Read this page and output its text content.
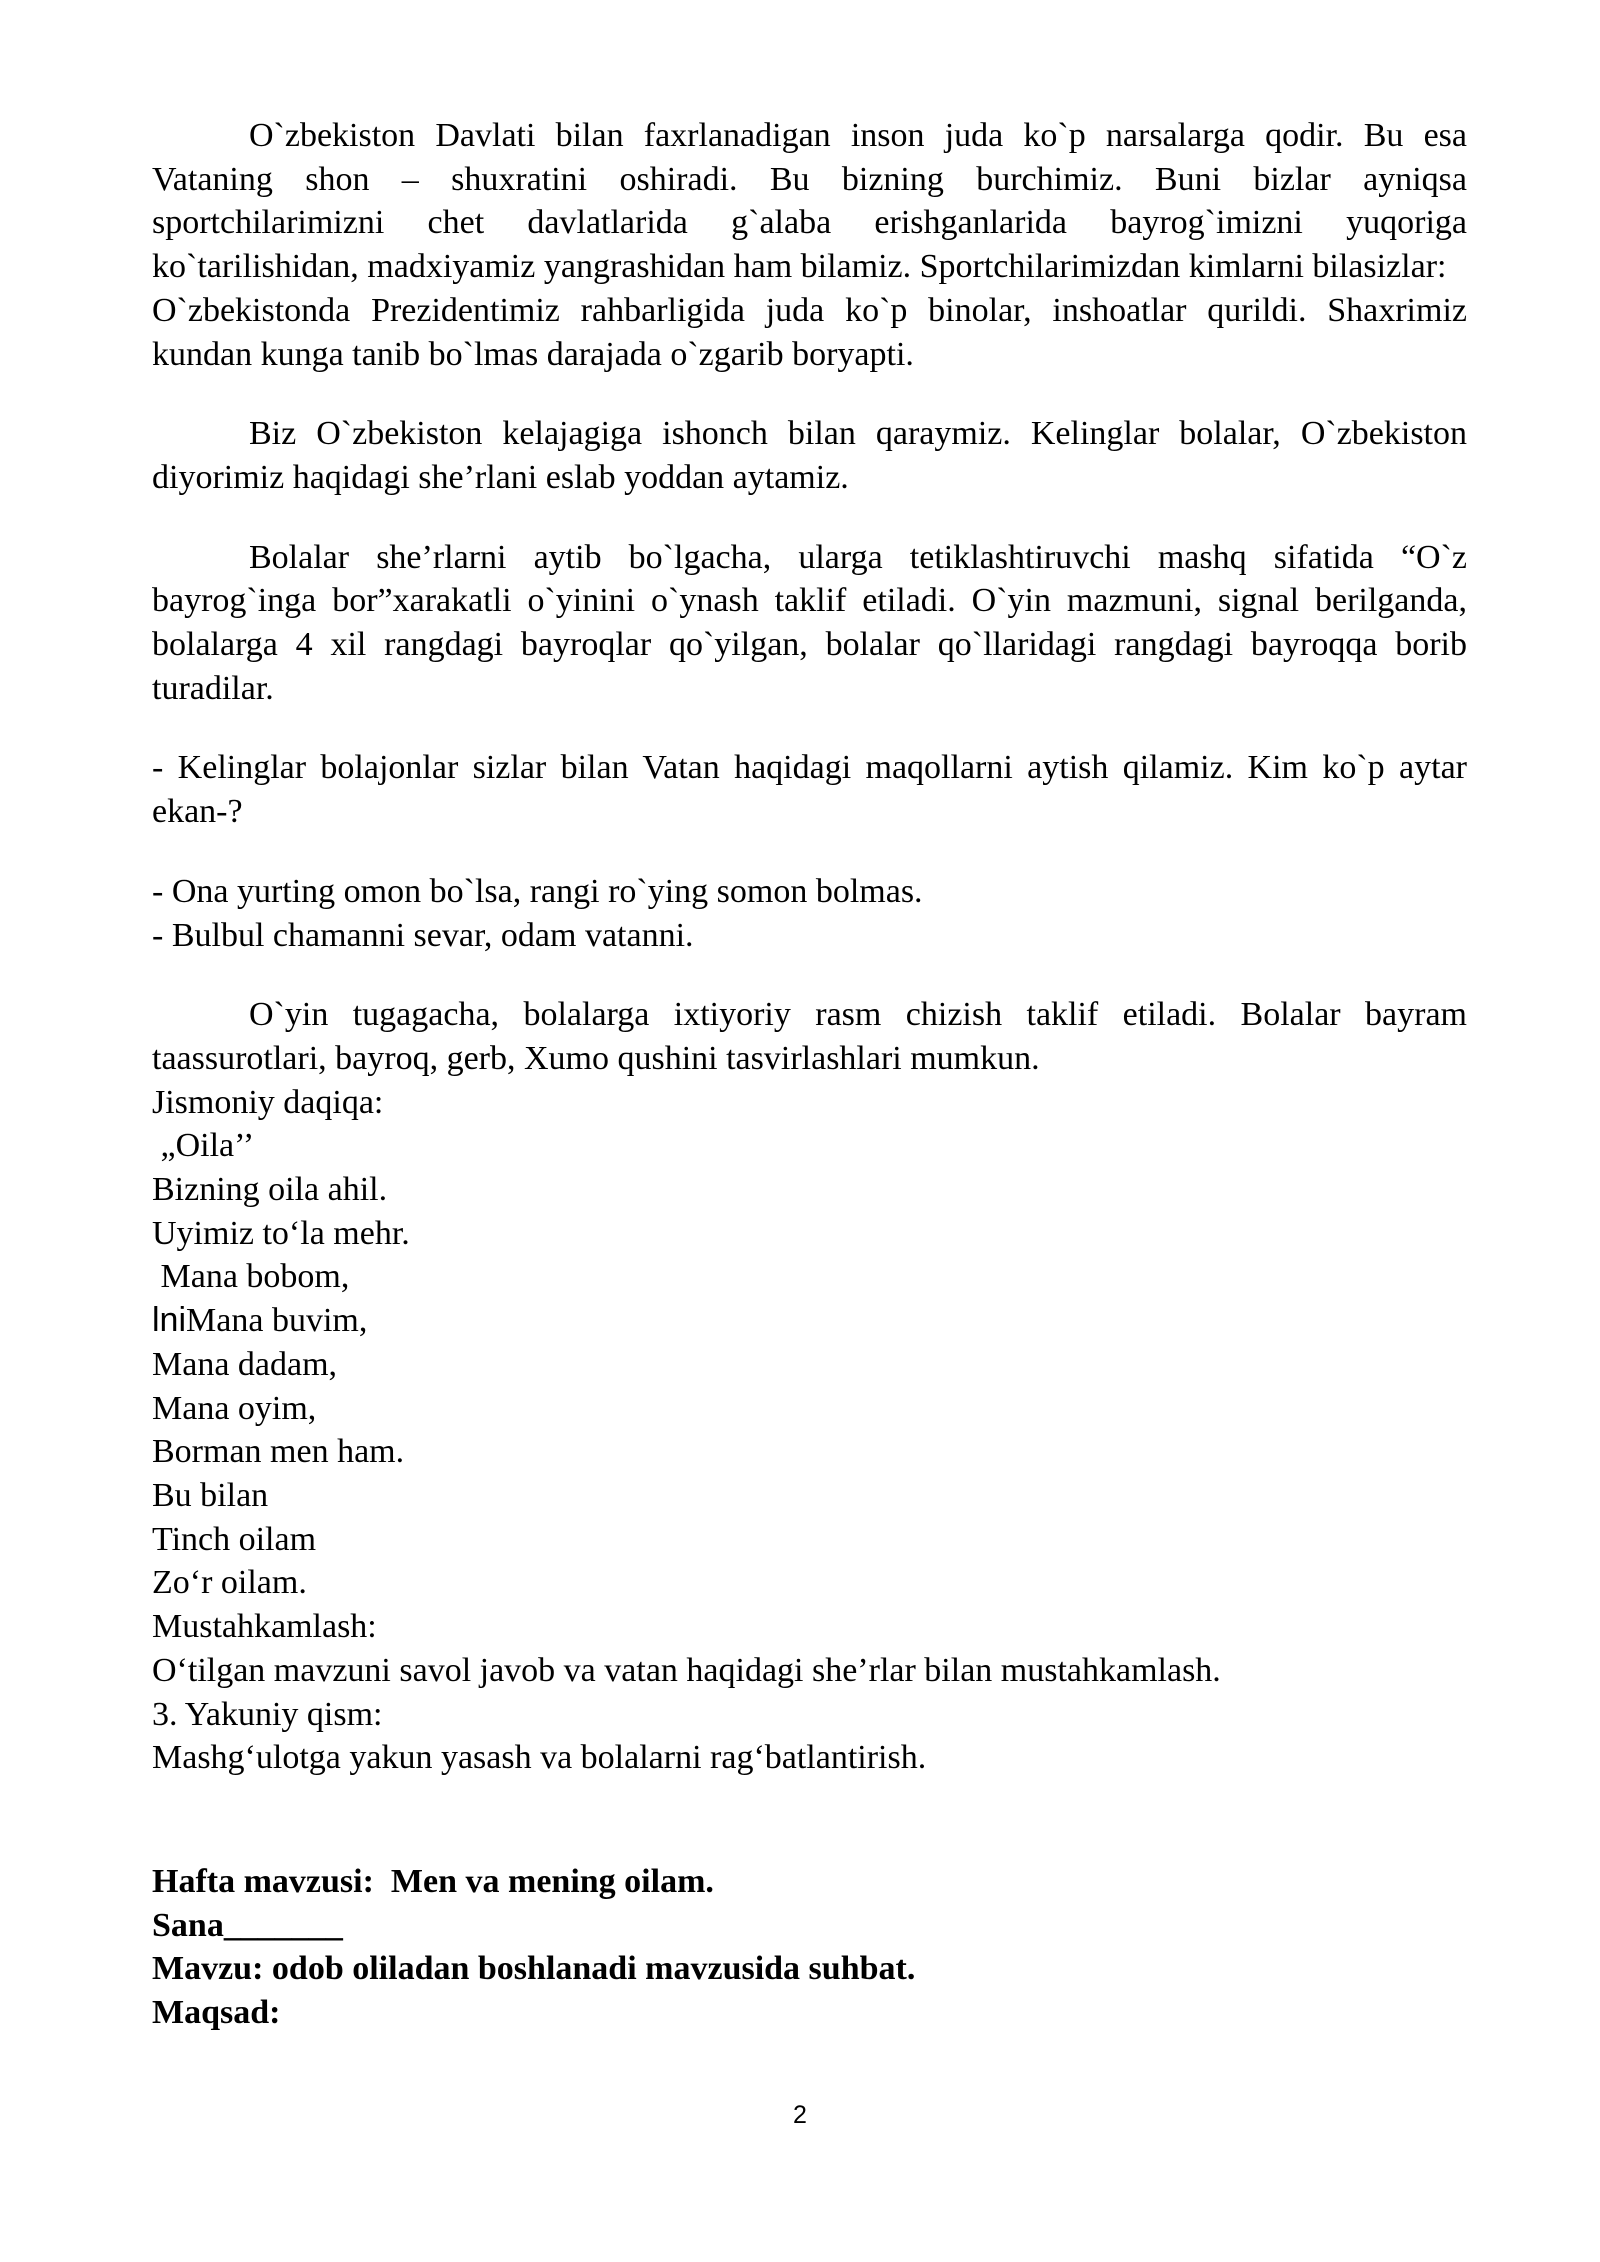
O`zbekiston Davlati bilan faxrlanadigan inson juda ko`p narsalarga qodir. Bu esa Vataning shon – shuxratini oshiradi. Bu bizning burchimiz. Buni bizlar ayniqsa sportchilarimizni chet davlatlarida g`alaba erishganlarida bayrog`imizni yuqoriga ko`tarilishidan, madxiyamiz yangrashidan ham bilamiz. Sportchilarimizdan kimlarni bilasizlar:

O`zbekistonda Prezidentimiz rahbarligida juda ko`p binolar, inshoatlar qurildi. Shaxrimiz kundan kunga tanib bo`lmas darajada o`zgarib boryapti.

Biz O`zbekiston kelajagiga ishonch bilan qaraymiz. Kelinglar bolalar, O`zbekiston diyorimiz haqidagi she’rlani eslab yoddan aytamiz.

Bolalar she’rlarni aytib bo`lgacha, ularga tetiklashtiruvchi mashq sifatida “O`z bayrog`inga bor”xarakatli o`yinini o`ynash taklif etiladi. O`yin mazmuni, signal berilganda, bolalarga 4 xil rangdagi bayroqlar qo`yilgan, bolalar qo`llaridagi rangdagi bayroqqa borib turadilar.

- Kelinglar bolajonlar sizlar bilan Vatan haqidagi maqollarni aytish qilamiz. Kim ko`p aytar ekan-?

- Ona yurting omon bo`lsa, rangi ro`ying somon bolmas.

- Bulbul chamanni sevar, odam vatanni.

O`yin tugagacha, bolalarga ixtiyoriy rasm chizish taklif etiladi. Bolalar bayram taassurotlari, bayroq, gerb, Xumo qushini tasvirlashlari mumkun.

Jismoniy daqiqa:
„Oila’’
Bizning oila ahil.
Uyimiz to‘la mehr.
Mana bobom,
lniMana buvim,
Mana dadam,
Mana oyim,
Borman men ham.
Bu bilan
Tinch oilam
Zo‘r oilam.
Mustahkamlash:

O‘tilgan mavzuni savol javob va vatan haqidagi she’rlar bilan mustahkamlash.

3. Yakuniy qism:

Mashg‘ulotga yakun yasash va bolalarni rag‘batlantirish.

Hafta mavzusi:  Men va mening oilam.
Sana_______
Mavzu: odob oliladan boshlanadi mavzusida suhbat.
Maqsad:
2
